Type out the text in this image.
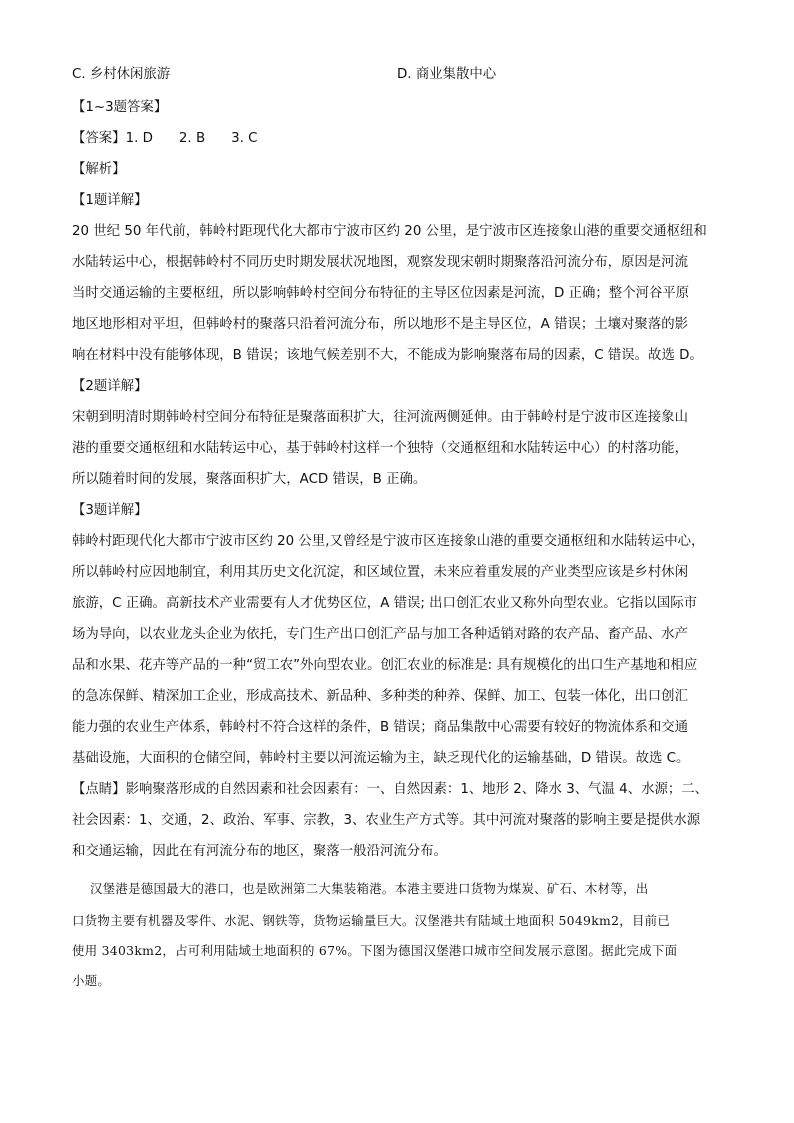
C. 乡村休闲旅游	D. 商业集散中心
【1~3题答案】
【答案】1. D 2. B 3. C
【解析】
【1题详解】
20 世纪 50 年代前，韩岭村距现代化大都市宁波市区约 20 公里，是宁波市区连接象山港的重要交通枢纽和
水陆转运中心，根据韩岭村不同历史时期发展状况地图，观察发现宋朝时期聚落沿河流分布，原因是河流
当时交通运输的主要枢纽，所以影响韩岭村空间分布特征的主导区位因素是河流，D 正确；整个河谷平原
地区地形相对平坦，但韩岭村的聚落只沿着河流分布，所以地形不是主导区位，A 错误；土壤对聚落的影
响在材料中没有能够体现，B 错误；该地气候差别不大，不能成为影响聚落布局的因素，C 错误。故选 D。
【2题详解】
宋朝到明清时期韩岭村空间分布特征是聚落面积扩大，往河流两侧延伸。由于韩岭村是宁波市区连接象山
港的重要交通枢纽和水陆转运中心，基于韩岭村这样一个独特（交通枢纽和水陆转运中心）的村落功能，
所以随着时间的发展，聚落面积扩大，ACD 错误，B 正确。
【3题详解】
韩岭村距现代化大都市宁波市区约 20 公里,又曾经是宁波市区连接象山港的重要交通枢纽和水陆转运中心，
所以韩岭村应因地制宜，利用其历史文化沉淀，和区域位置，未来应着重发展的产业类型应该是乡村休闲
旅游，C 正确。高新技术产业需要有人才优势区位，A 错误; 出口创汇农业又称外向型农业。它指以国际市
场为导向，以农业龙头企业为依托，专门生产出口创汇产品与加工各种适销对路的农产品、畜产品、水产
品和水果、花卉等产品的一种“贸工农”外向型农业。创汇农业的标准是: 具有规模化的出口生产基地和相应
的急冻保鲜、精深加工企业，形成高技术、新品种、多种类的种养、保鲜、加工、包装一体化，出口创汇
能力强的农业生产体系，韩岭村不符合这样的条件，B 错误；商品集散中心需要有较好的物流体系和交通
基础设施，大面积的仓储空间，韩岭村主要以河流运输为主，缺乏现代化的运输基础，D 错误。故选 C。
【点睛】影响聚落形成的自然因素和社会因素有：一、自然因素：1、地形 2、降水 3、气温 4、水源；二、
社会因素：1、交通，2、政治、军事、宗教，3、农业生产方式等。其中河流对聚落的影响主要是提供水源
和交通运输，因此在有河流分布的地区，聚落一般沿河流分布。
汉堡港是德国最大的港口，也是欧洲第二大集装箱港。本港主要进口货物为煤炭、矿石、木材等，出
口货物主要有机器及零件、水泥、钢铁等，货物运输量巨大。汉堡港共有陆域土地面积 5049km2，目前已
使用 3403km2，占可利用陆域土地面积的 67%。下图为德国汉堡港口城市空间发展示意图。据此完成下面
小题。
